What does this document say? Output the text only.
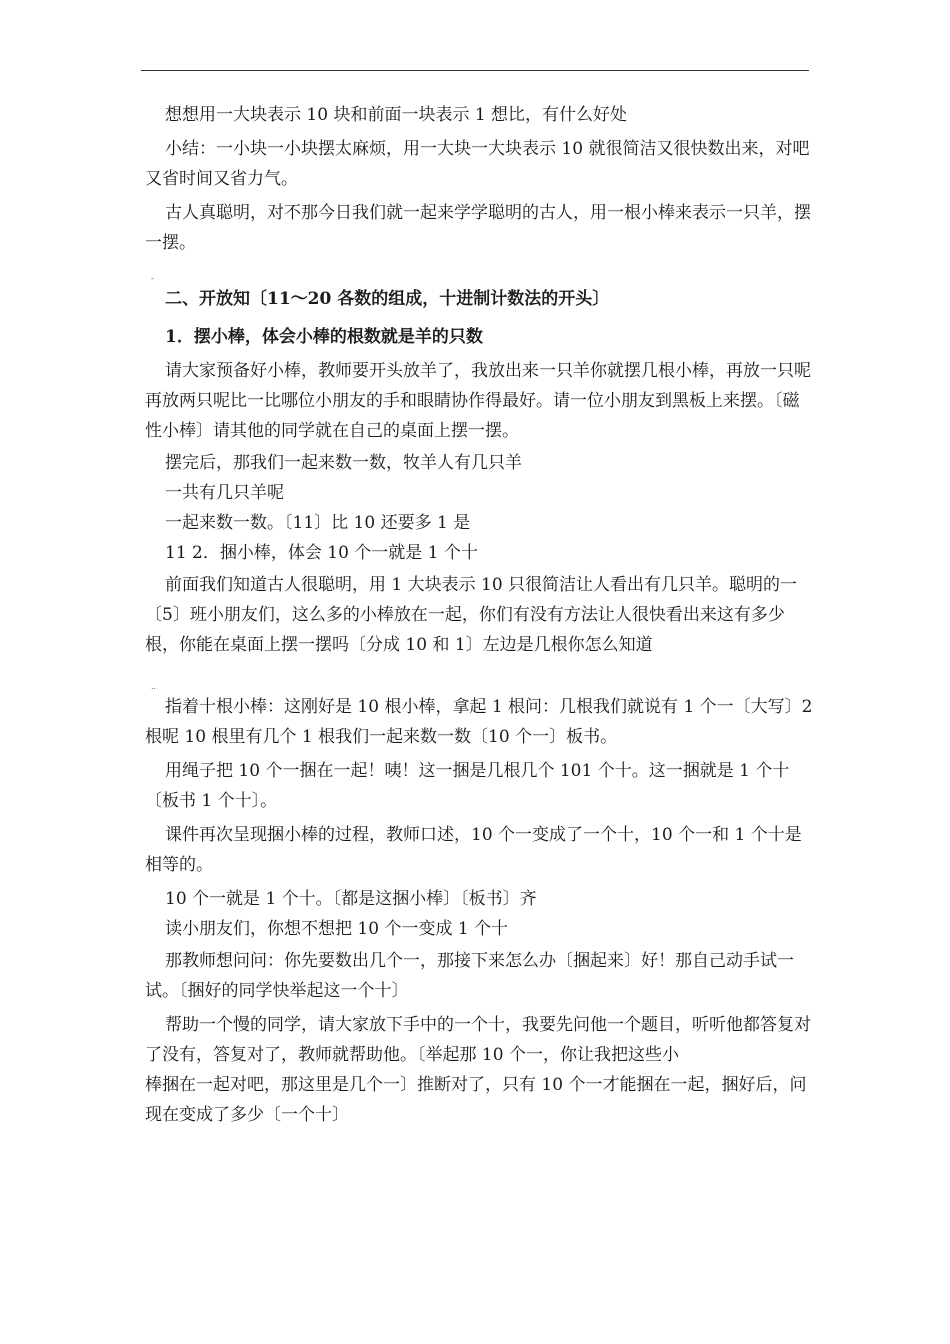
想想用一大块表示 10 块和前面一块表示 1 想比，有什么好处

小结：一小块一小块摆太麻烦，用一大块一大块表示 10 就很简洁又很快数出来，对吧又省时间又省力气。

古人真聪明，对不那今日我们就一起来学学聪明的古人，用一根小棒来表示一只羊，摆一摆。

-

二、开放知〔11～20 各数的组成，十进制计数法的开头〕

1．摆小棒，体会小棒的根数就是羊的只数

请大家预备好小棒，教师要开头放羊了，我放出来一只羊你就摆几根小棒，再放一只呢再放两只呢比一比哪位小朋友的手和眼睛协作得最好。请一位小朋友到黑板上来摆。〔磁性小棒〕请其他的同学就在自己的桌面上摆一摆。

摆完后，那我们一起来数一数，牧羊人有几只羊

一共有几只羊呢

一起来数一数。〔11〕比 10 还要多 1 是

11 2．捆小棒，体会 10 个一就是 1 个十

前面我们知道古人很聪明，用 1 大块表示 10 只很简洁让人看出有几只羊。聪明的一〔5〕班小朋友们，这么多的小棒放在一起，你们有没有方法让人很快看出来这有多少根，你能在桌面上摆一摆吗〔分成 10 和 1〕左边是几根你怎么知道

..

指着十根小棒：这刚好是 10 根小棒，拿起 1 根问：几根我们就说有 1 个一〔大写〕2 根呢 10 根里有几个 1 根我们一起来数一数〔10 个一〕板书。

用绳子把 10 个一捆在一起！咦！这一捆是几根几个 101 个十。这一捆就是 1 个十〔板书 1 个十〕。

课件再次呈现捆小棒的过程，教师口述，10 个一变成了一个十，10 个一和 1 个十是相等的。

10 个一就是 1 个十。〔都是这捆小棒〕〔板书〕齐

读小朋友们，你想不想把 10 个一变成 1 个十

那教师想问问：你先要数出几个一，那接下来怎么办〔捆起来〕好！那自己动手试一试。〔捆好的同学快举起这一个十〕

帮助一个慢的同学，请大家放下手中的一个十，我要先问他一个题目，听听他都答复对了没有，答复对了，教师就帮助他。〔举起那 10 个一，你让我把这些小

棒捆在一起对吧，那这里是几个一〕推断对了，只有 10 个一才能捆在一起，捆好后，问现在变成了多少〔一个十〕
